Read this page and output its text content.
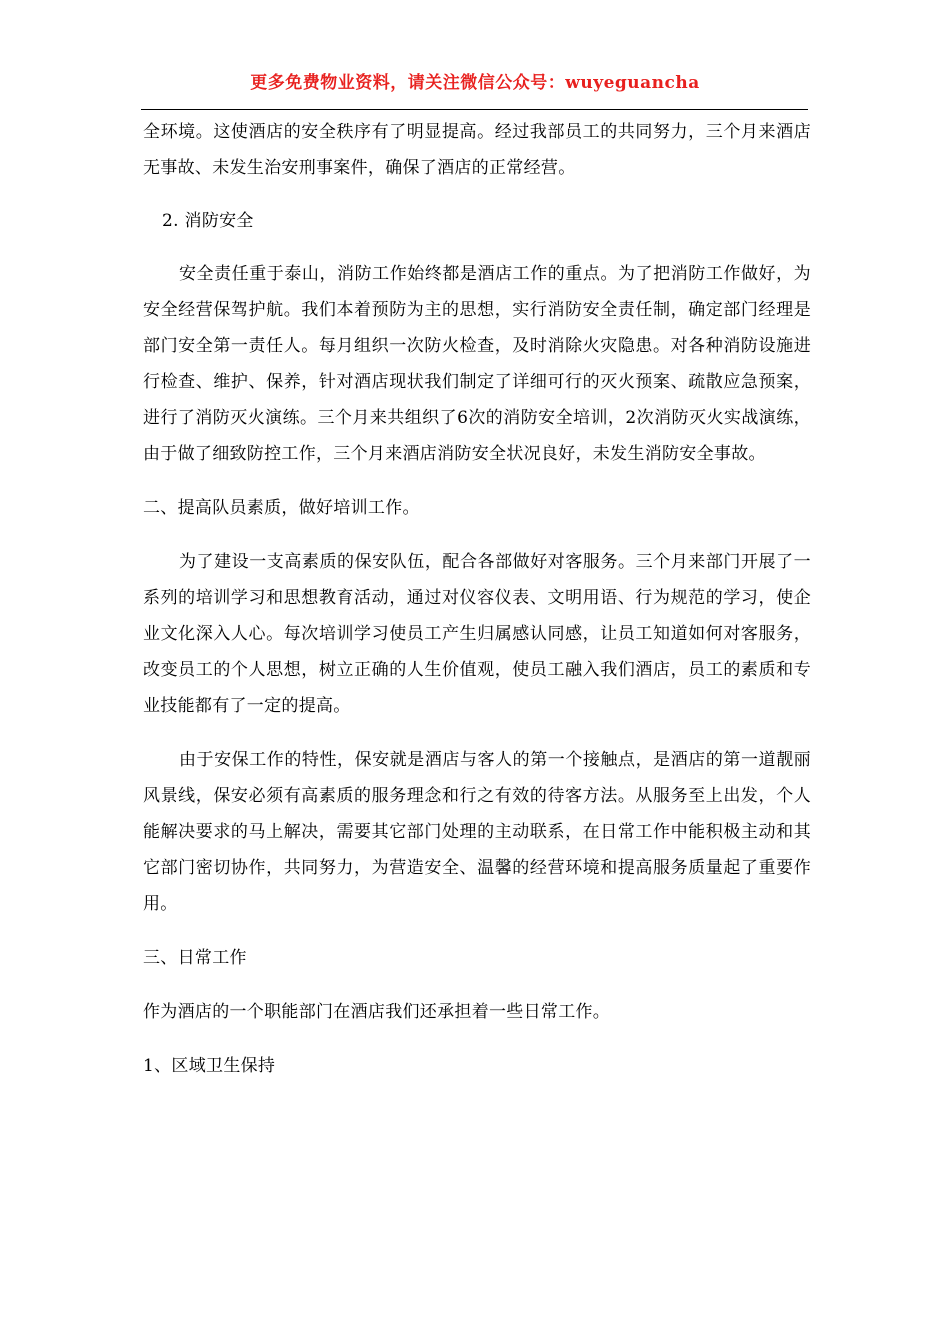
更多免费物业资料，请关注微信公众号：wuyeguancha

全环境。这使酒店的安全秩序有了明显提高。经过我部员工的共同努力，三个月来酒店无事故、未发生治安刑事案件，确保了酒店的正常经营。

2. 消防安全

安全责任重于泰山，消防工作始终都是酒店工作的重点。为了把消防工作做好，为安全经营保驾护航。我们本着预防为主的思想，实行消防安全责任制，确定部门经理是部门安全第一责任人。每月组织一次防火检查，及时消除火灾隐患。对各种消防设施进行检查、维护、保养，针对酒店现状我们制定了详细可行的灭火预案、疏散应急预案，进行了消防灭火演练。三个月来共组织了6次的消防安全培训，2次消防灭火实战演练，由于做了细致防控工作，三个月来酒店消防安全状况良好，未发生消防安全事故。

二、提高队员素质，做好培训工作。

为了建设一支高素质的保安队伍，配合各部做好对客服务。三个月来部门开展了一系列的培训学习和思想教育活动，通过对仪容仪表、文明用语、行为规范的学习，使企业文化深入人心。每次培训学习使员工产生归属感认同感，让员工知道如何对客服务，改变员工的个人思想，树立正确的人生价值观，使员工融入我们酒店，员工的素质和专业技能都有了一定的提高。

由于安保工作的特性，保安就是酒店与客人的第一个接触点，是酒店的第一道靓丽风景线，保安必须有高素质的服务理念和行之有效的待客方法。从服务至上出发，个人能解决要求的马上解决，需要其它部门处理的主动联系，在日常工作中能积极主动和其它部门密切协作，共同努力，为营造安全、温馨的经营环境和提高服务质量起了重要作用。

三、日常工作

作为酒店的一个职能部门在酒店我们还承担着一些日常工作。

1、区域卫生保持
